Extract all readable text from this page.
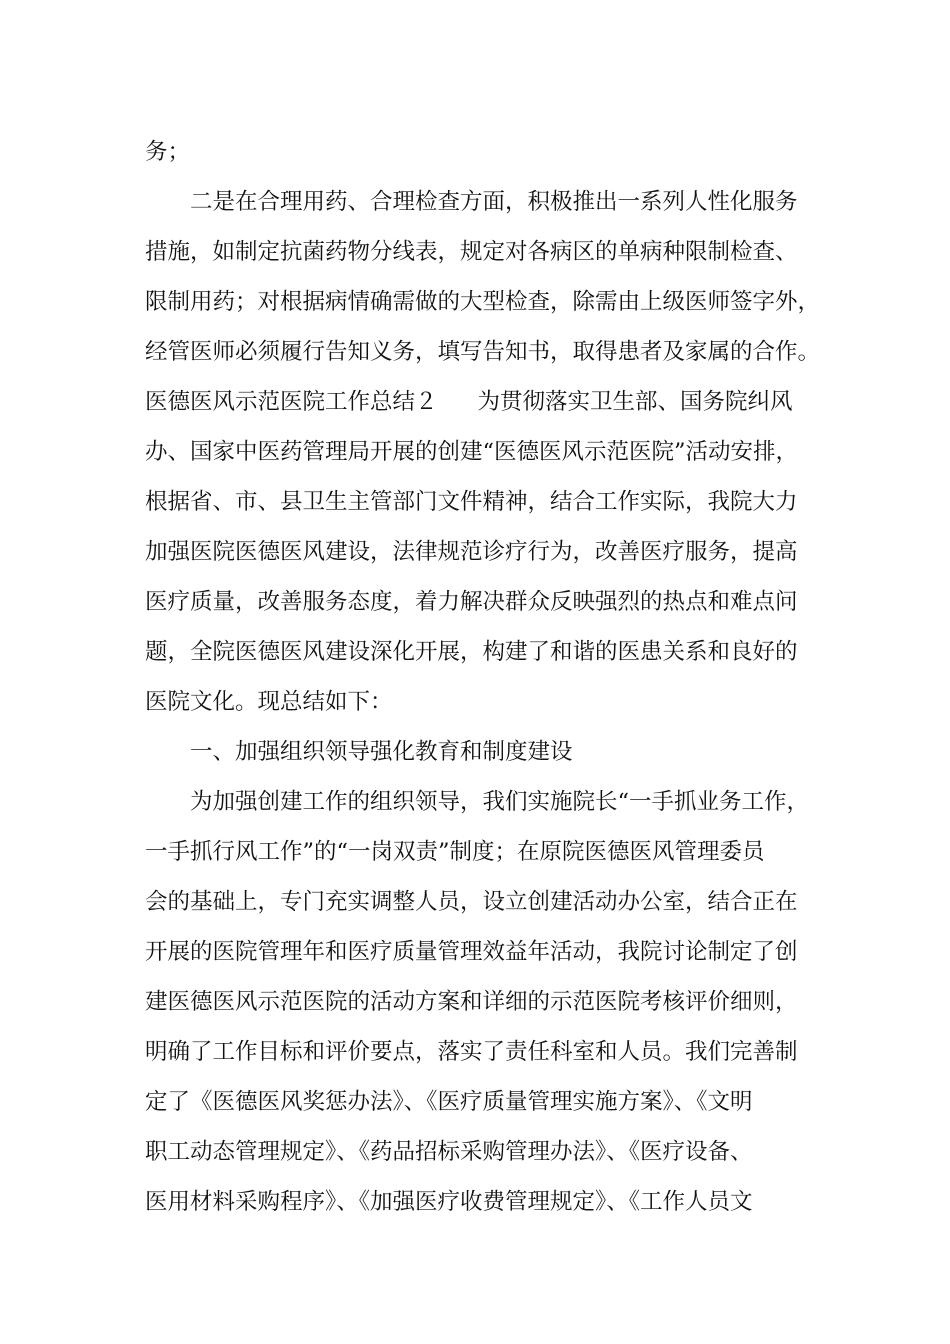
务；
二是在合理用药、合理检查方面，积极推出一系列人性化服务
措施，如制定抗菌药物分线表，规定对各病区的单病种限制检查、
限制用药；对根据病情确需做的大型检查，除需由上级医师签字外，
经管医师必须履行告知义务，填写告知书，取得患者及家属的合作。
医德医风示范医院工作总结２ 为贯彻落实卫生部、国务院纠风
办、国家中医药管理局开展的创建“医德医风示范医院”活动安排，
根据省、市、县卫生主管部门文件精神，结合工作实际，我院大力
加强医院医德医风建设，法律规范诊疗行为，改善医疗服务，提高
医疗质量，改善服务态度，着力解决群众反映强烈的热点和难点问
题，全院医德医风建设深化开展，构建了和谐的医患关系和良好的
医院文化。现总结如下：
一、加强组织领导强化教育和制度建设
为加强创建工作的组织领导，我们实施院长“一手抓业务工作，
一手抓行风工作”的“一岗双责”制度；在原院医德医风管理委员
会的基础上，专门充实调整人员，设立创建活动办公室，结合正在
开展的医院管理年和医疗质量管理效益年活动，我院讨论制定了创
建医德医风示范医院的活动方案和详细的示范医院考核评价细则，
明确了工作目标和评价要点，落实了责任科室和人员。我们完善制
定了《医德医风奖惩办法》、《医疗质量管理实施方案》、《文明
职工动态管理规定》、《药品招标采购管理办法》、《医疗设备、
医用材料采购程序》、《加强医疗收费管理规定》、《工作人员文
